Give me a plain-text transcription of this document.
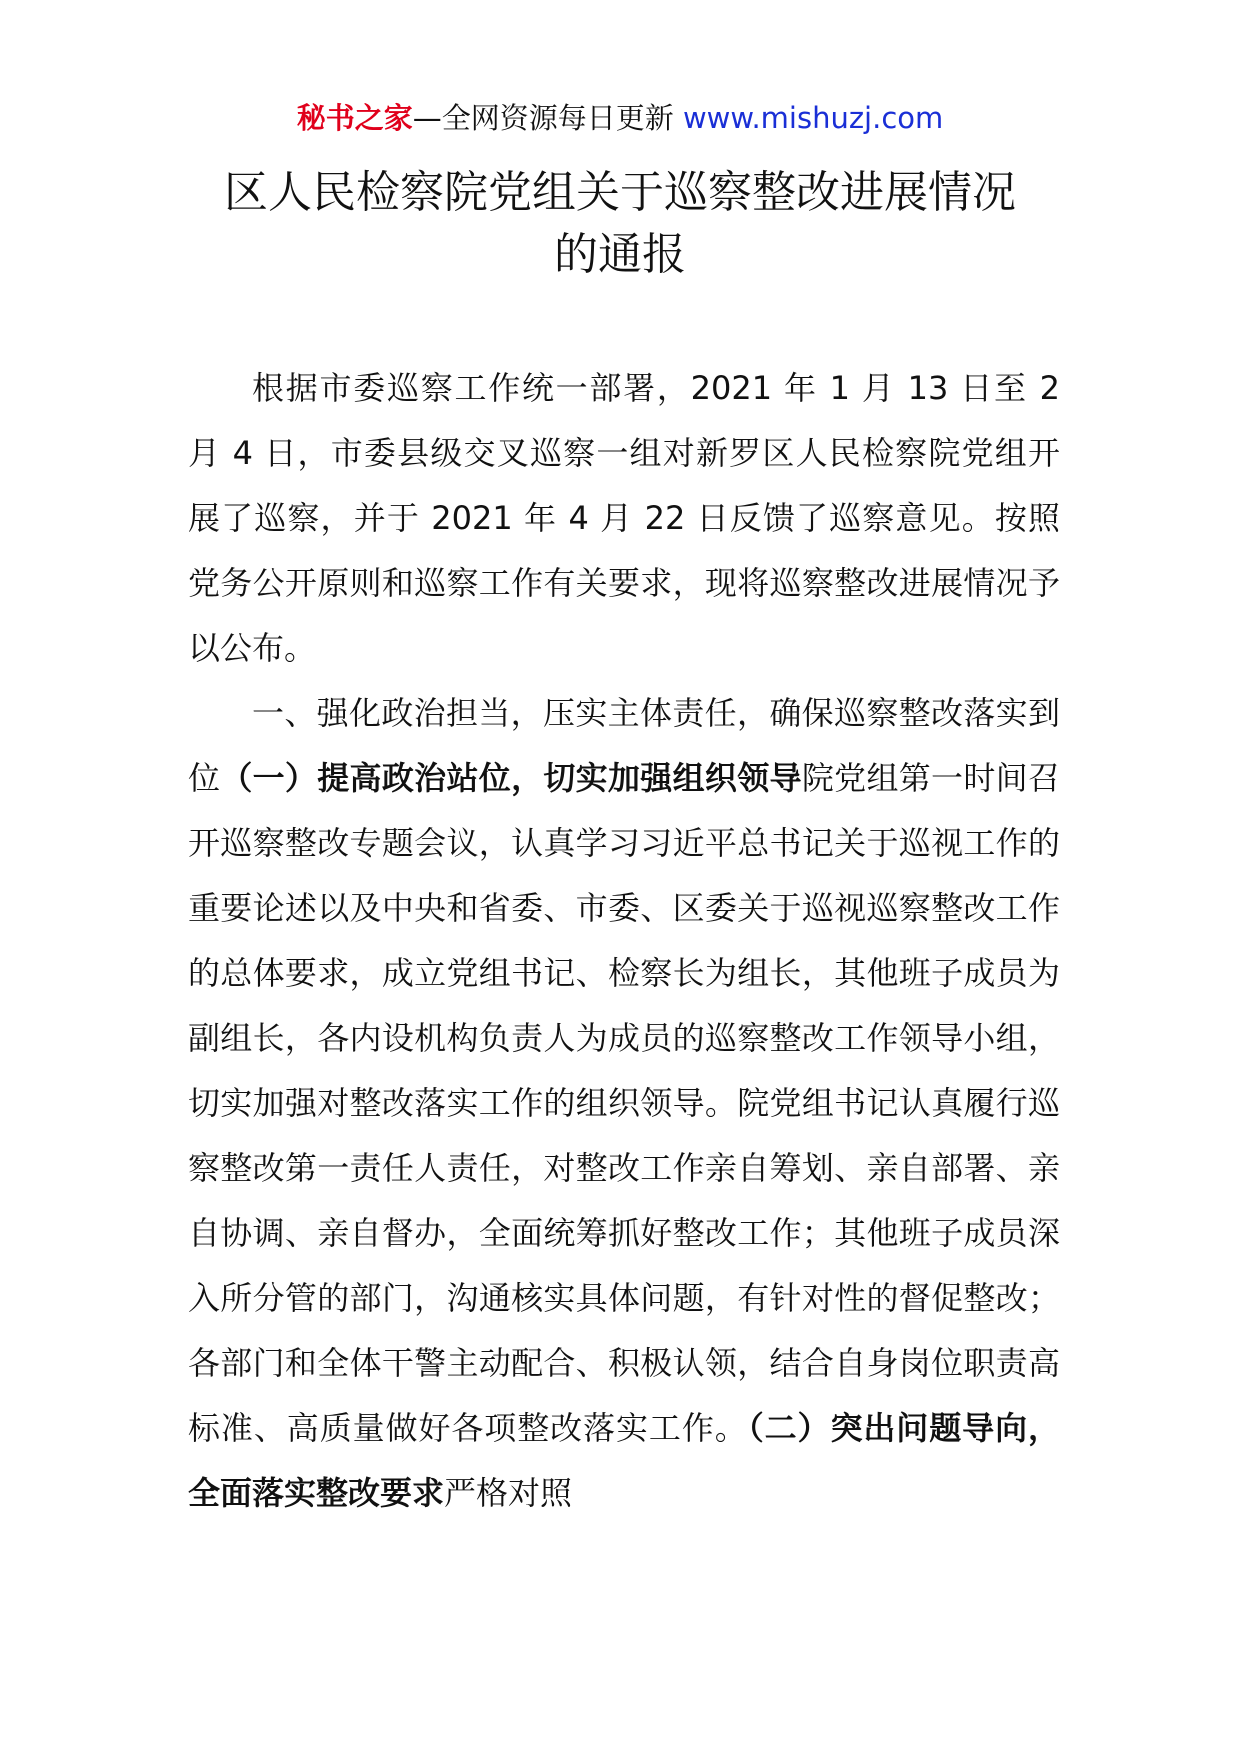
秘书之家—全网资源每日更新 www.mishuzj.com
区人民检察院党组关于巡察整改进展情况
的通报

根据市委巡察工作统一部署，2021 年 1 月 13 日至 2 月 4 日，市委县级交叉巡察一组对新罗区人民检察院党组开展了巡察，并于 2021 年 4 月 22 日反馈了巡察意见。按照党务公开原则和巡察工作有关要求，现将巡察整改进展情况予以公布。

一、强化政治担当，压实主体责任，确保巡察整改落实到位（一）提高政治站位，切实加强组织领导院党组第一时间召开巡察整改专题会议，认真学习习近平总书记关于巡视工作的重要论述以及中央和省委、市委、区委关于巡视巡察整改工作的总体要求，成立党组书记、检察长为组长，其他班子成员为副组长，各内设机构负责人为成员的巡察整改工作领导小组，切实加强对整改落实工作的组织领导。院党组书记认真履行巡察整改第一责任人责任，对整改工作亲自筹划、亲自部署、亲自协调、亲自督办，全面统筹抓好整改工作；其他班子成员深入所分管的部门，沟通核实具体问题，有针对性的督促整改；各部门和全体干警主动配合、积极认领，结合自身岗位职责高标准、高质量做好各项整改落实工作。（二）突出问题导向，全面落实整改要求严格对照
